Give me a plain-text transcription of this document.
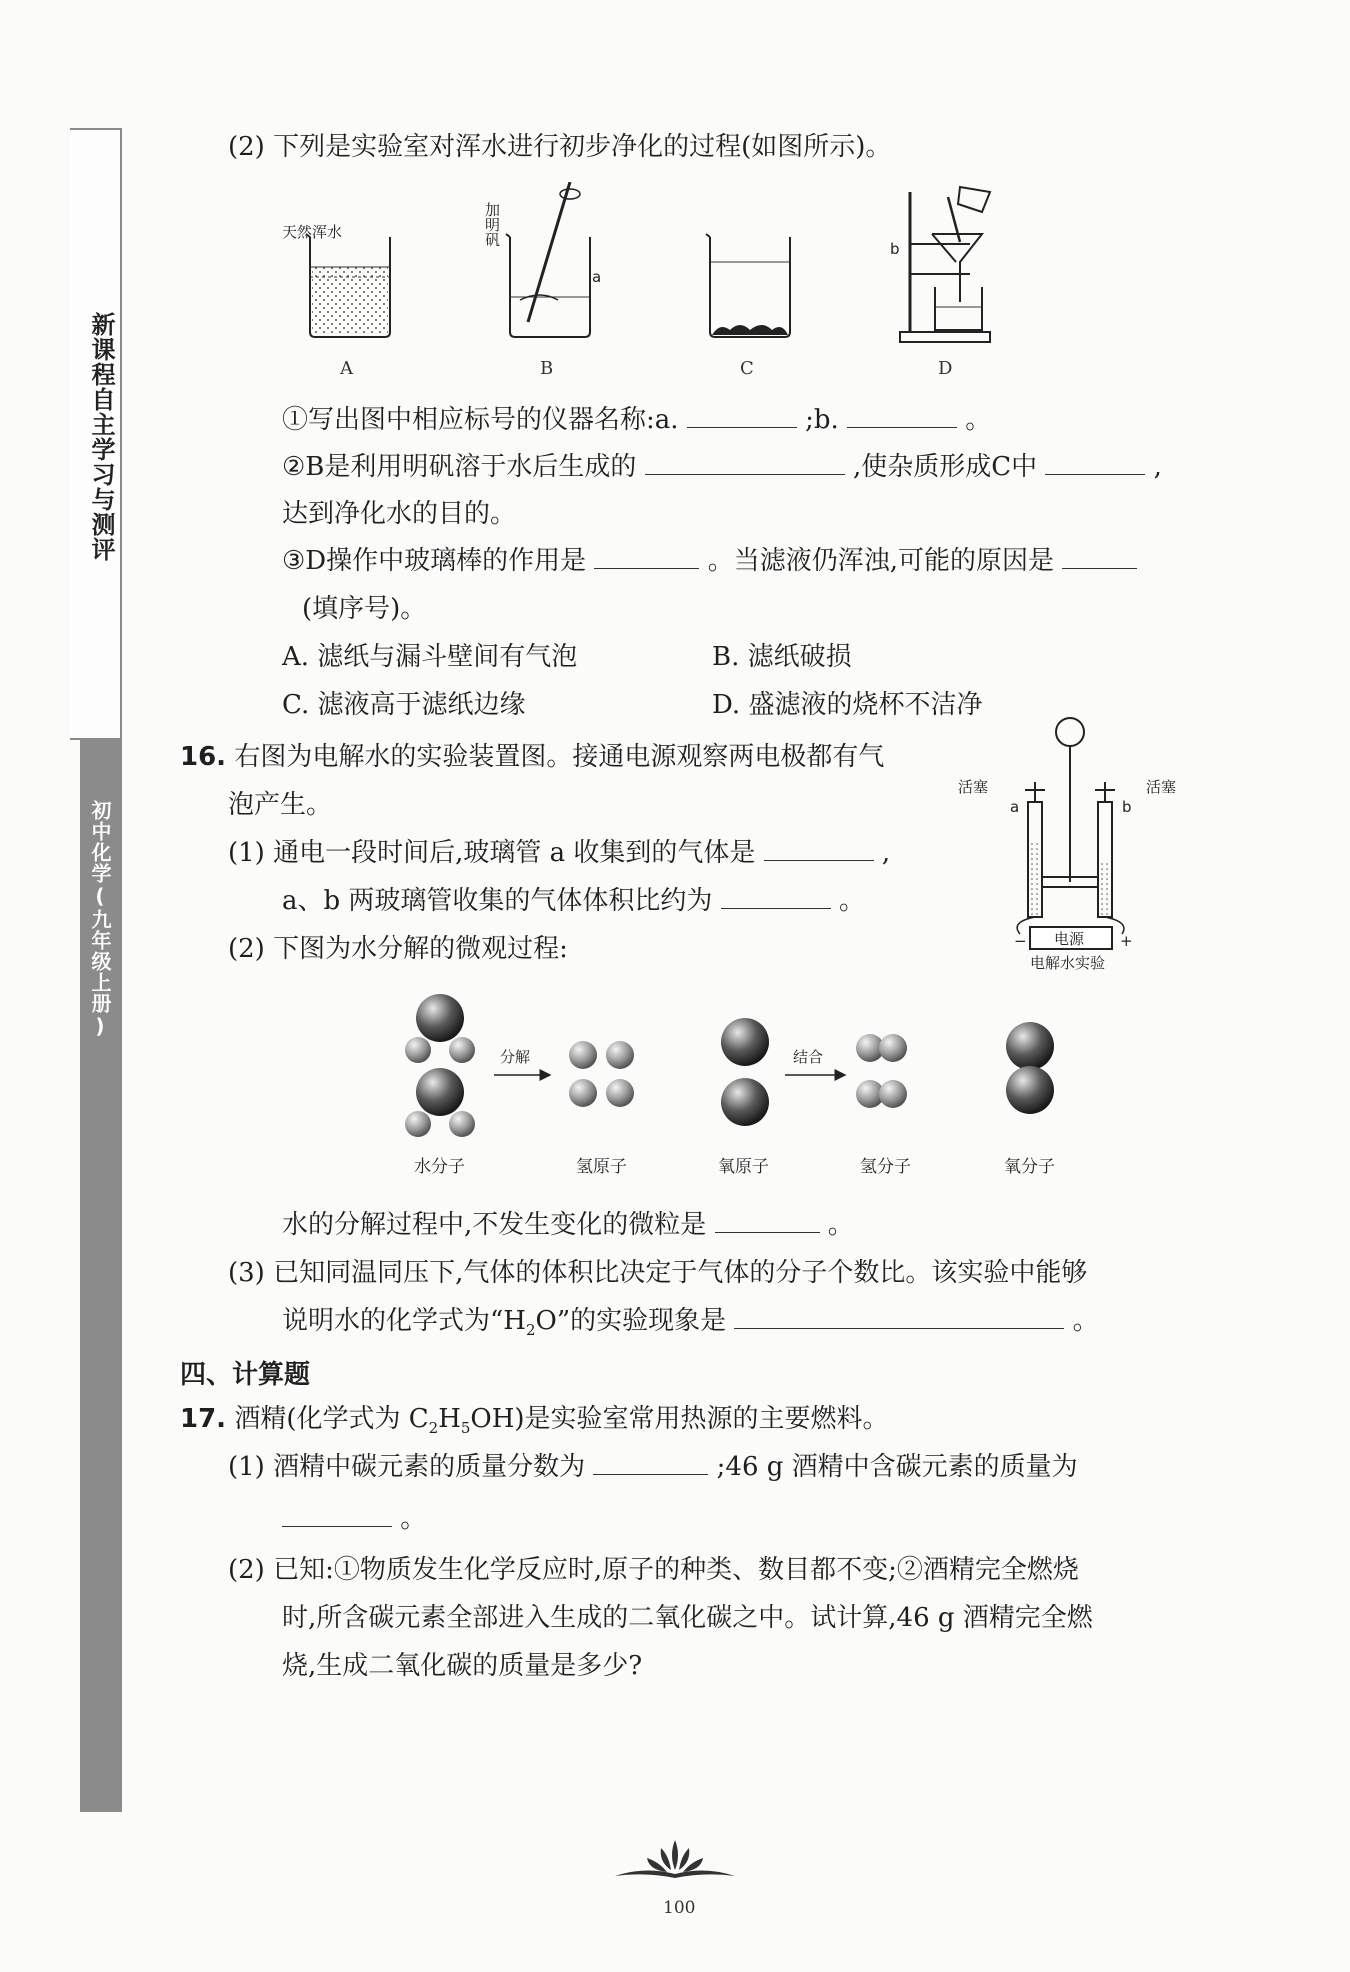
新课程自主学习与测评
初中化学(九年级上册)
(2) 下列是实验室对浑水进行初步净化的过程(如图所示)。
天然浑水
A
加明矾
a
B	C
b
D
①写出图中相应标号的仪器名称:a.	;b.	。
②B是利用明矾溶于水后生成的	,使杂质形成C中	,
达到净化水的目的。
③D操作中玻璃棒的作用是	。当滤液仍浑浊,可能的原因是
(填序号)。
A. 滤纸与漏斗壁间有气泡	B. 滤纸破损
C. 滤液高于滤纸边缘	D. 盛滤液的烧杯不洁净
16. 右图为电解水的实验装置图。接通电源观察两电极都有气
泡产生。
(1) 通电一段时间后,玻璃管 a 收集到的气体是	,
a、b 两玻璃管收集的气体体积比约为	。
(2) 下图为水分解的微观过程:
活塞	活塞
a	b
电源
−	+
电解水实验
分解	结合
水分子	氢原子	氧原子	氢分子	氧分子
水的分解过程中,不发生变化的微粒是	。
(3) 已知同温同压下,气体的体积比决定于气体的分子个数比。该实验中能够
说明水的化学式为“$H_2O$”的实验现象是	。
四、计算题
17. 酒精(化学式为 $C_2H_5OH$)是实验室常用热源的主要燃料。
(1) 酒精中碳元素的质量分数为	;46 g 酒精中含碳元素的质量为
。
(2) 已知:①物质发生化学反应时,原子的种类、数目都不变;②酒精完全燃烧
时,所含碳元素全部进入生成的二氧化碳之中。试计算,46 g 酒精完全燃
烧,生成二氧化碳的质量是多少?
100
